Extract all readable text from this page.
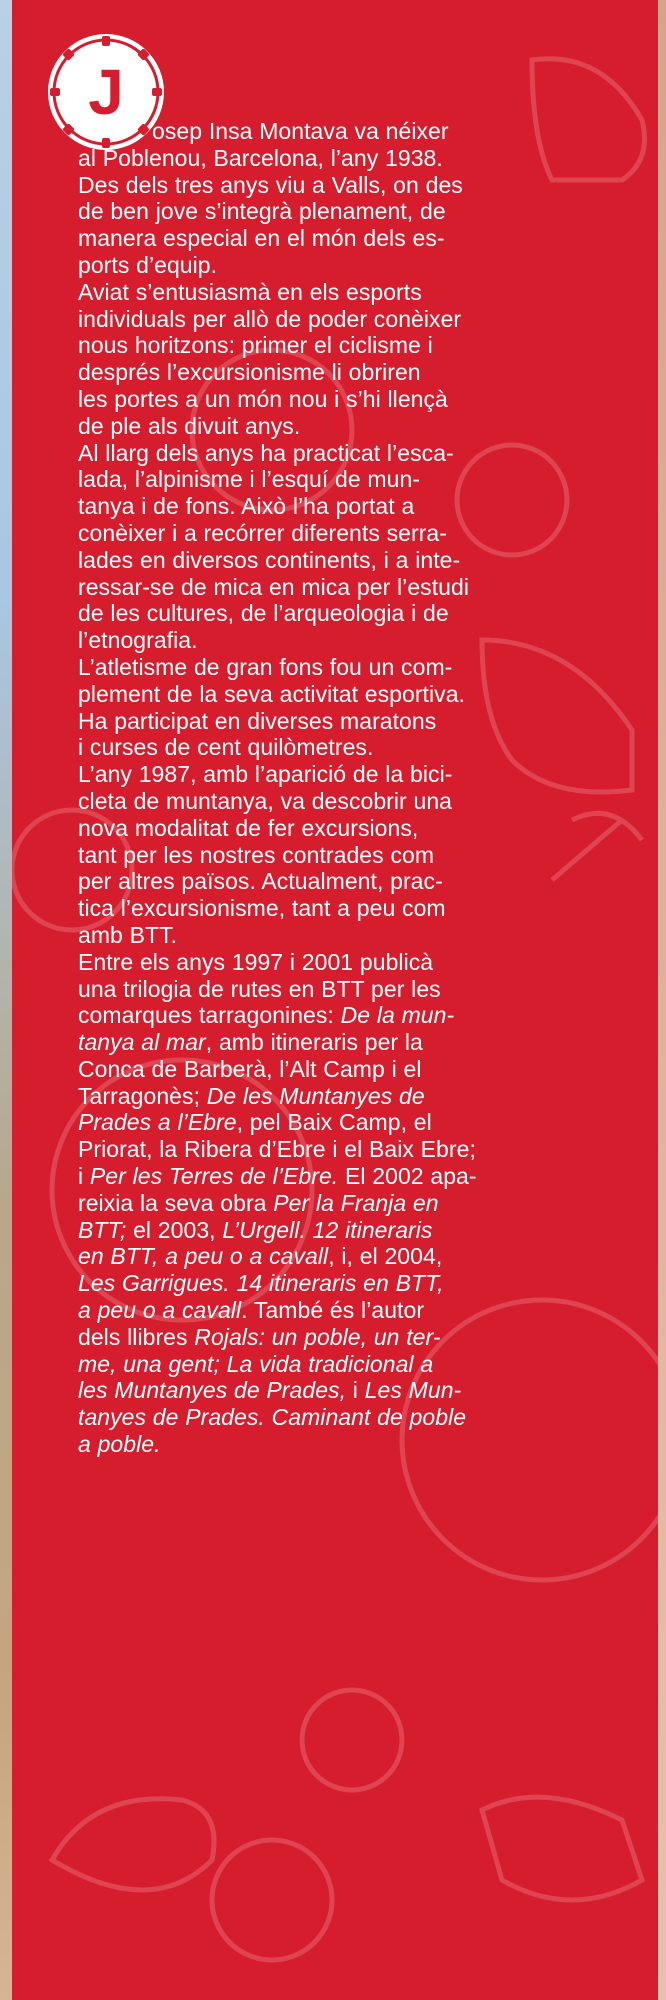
J

osep Insa Montava va néixer
al Poblenou, Barcelona, l’any 1938.
Des dels tres anys viu a Valls, on des
de ben jove s’integrà plenament, de
manera especial en el món dels es-
ports d’equip.

Aviat s’entusiasmà en els esports
individuals per allò de poder conèixer
nous horitzons: primer el ciclisme i
després l’excursionisme li obriren
les portes a un món nou i s’hi llençà
de ple als divuit anys.

Al llarg dels anys ha practicat l’esca-
lada, l’alpinisme i l’esquí de mun-
tanya i de fons. Això l’ha portat a
conèixer i a recórrer diferents serra-
lades en diversos continents, i a inte-
ressar-se de mica en mica per l’estudi
de les cultures, de l’arqueologia i de
l’etnografia.

L’atletisme de gran fons fou un com-
plement de la seva activitat esportiva.
Ha participat en diverses maratons
i curses de cent quilòmetres.

L’any 1987, amb l’aparició de la bici-
cleta de muntanya, va descobrir una
nova modalitat de fer excursions,
tant per les nostres contrades com
per altres països. Actualment, prac-
tica l’excursionisme, tant a peu com
amb BTT.

Entre els anys 1997 i 2001 publicà
una trilogia de rutes en BTT per les
comarques tarragonines: De la mun-
tanya al mar, amb itineraris per la
Conca de Barberà, l’Alt Camp i el
Tarragonès; De les Muntanyes de
Prades a l’Ebre, pel Baix Camp, el
Priorat, la Ribera d’Ebre i el Baix Ebre;
i Per les Terres de l’Ebre. El 2002 apa-
reixia la seva obra Per la Franja en
BTT; el 2003, L’Urgell. 12 itineraris
en BTT, a peu o a cavall, i, el 2004,
Les Garrigues. 14 itineraris en BTT,
a peu o a cavall. També és l’autor
dels llibres Rojals: un poble, un ter-
me, una gent; La vida tradicional a
les Muntanyes de Prades, i Les Mun-
tanyes de Prades. Caminant de poble
a poble.
